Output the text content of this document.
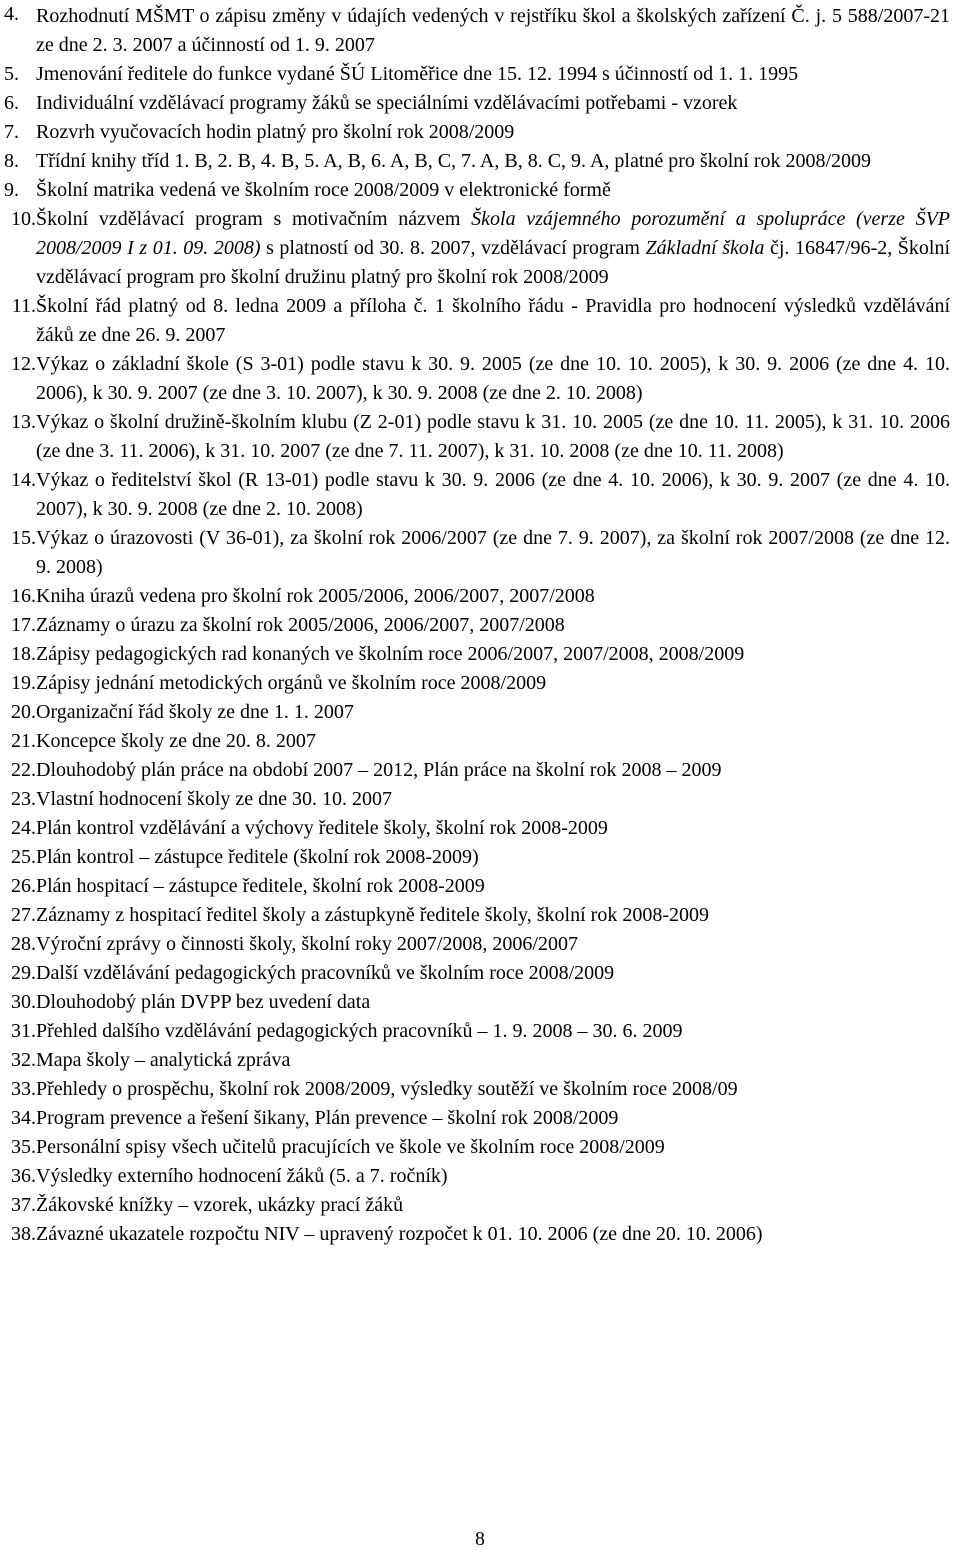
4. Rozhodnutí MŠMT o zápisu změny v údajích vedených v rejstříku škol a školských zařízení Č. j. 5 588/2007-21 ze dne 2. 3. 2007 a účinností od 1. 9. 2007
5. Jmenování ředitele do funkce vydané ŠÚ Litoměřice dne 15. 12. 1994 s účinností od 1. 1. 1995
6. Individuální vzdělávací programy žáků se speciálními vzdělávacími potřebami - vzorek
7. Rozvrh vyučovacích hodin platný pro školní rok 2008/2009
8. Třídní knihy tříd 1. B, 2. B, 4. B, 5. A, B, 6. A, B, C, 7. A, B, 8. C, 9. A, platné pro školní rok 2008/2009
9. Školní matrika vedená ve školním roce 2008/2009 v elektronické formě
10. Školní vzdělávací program s motivačním názvem Škola vzájemného porozumění a spolupráce (verze ŠVP 2008/2009 I z 01. 09. 2008) s platností od 30. 8. 2007, vzdělávací program Základní škola čj. 16847/96-2, Školní vzdělávací program pro školní družinu platný pro školní rok 2008/2009
11. Školní řád platný od 8. ledna 2009 a příloha č. 1 školního řádu - Pravidla pro hodnocení výsledků vzdělávání žáků ze dne 26. 9. 2007
12. Výkaz o základní škole (S 3-01) podle stavu k 30. 9. 2005 (ze dne 10. 10. 2005), k 30. 9. 2006 (ze dne 4. 10. 2006), k 30. 9. 2007 (ze dne 3. 10. 2007), k 30. 9. 2008 (ze dne 2. 10. 2008)
13. Výkaz o školní družině-školním klubu (Z 2-01) podle stavu k 31. 10. 2005 (ze dne 10. 11. 2005), k 31. 10. 2006 (ze dne 3. 11. 2006), k 31. 10. 2007 (ze dne 7. 11. 2007), k 31. 10. 2008 (ze dne 10. 11. 2008)
14. Výkaz o ředitelství škol (R 13-01) podle stavu k 30. 9. 2006 (ze dne 4. 10. 2006), k 30. 9. 2007 (ze dne 4. 10. 2007), k 30. 9. 2008 (ze dne 2. 10. 2008)
15. Výkaz o úrazovosti (V 36-01), za školní rok 2006/2007 (ze dne 7. 9. 2007), za školní rok 2007/2008 (ze dne 12. 9. 2008)
16. Kniha úrazů vedena pro školní rok 2005/2006, 2006/2007, 2007/2008
17. Záznamy o úrazu za školní rok 2005/2006, 2006/2007, 2007/2008
18. Zápisy pedagogických rad konaných ve školním roce 2006/2007, 2007/2008, 2008/2009
19. Zápisy jednání metodických orgánů ve školním roce 2008/2009
20. Organizační řád školy ze dne 1. 1. 2007
21. Koncepce školy ze dne 20. 8. 2007
22. Dlouhodobý plán práce na období 2007 – 2012, Plán práce na školní rok 2008 – 2009
23. Vlastní hodnocení školy ze dne 30. 10. 2007
24. Plán kontrol vzdělávání a výchovy ředitele školy, školní rok 2008-2009
25. Plán kontrol – zástupce ředitele (školní rok 2008-2009)
26. Plán hospitací – zástupce ředitele, školní rok 2008-2009
27. Záznamy z hospitací ředitel školy a zástupkyně ředitele školy, školní rok 2008-2009
28. Výroční zprávy o činnosti školy, školní roky 2007/2008, 2006/2007
29. Další vzdělávání pedagogických pracovníků ve školním roce 2008/2009
30. Dlouhodobý plán DVPP bez uvedení data
31. Přehled dalšího vzdělávání pedagogických pracovníků – 1. 9. 2008 – 30. 6. 2009
32. Mapa školy – analytická zpráva
33. Přehledy o prospěchu, školní rok 2008/2009, výsledky soutěží ve školním roce 2008/09
34. Program prevence a řešení šikany, Plán prevence – školní rok 2008/2009
35. Personální spisy všech učitelů pracujících ve škole ve školním roce 2008/2009
36. Výsledky externího hodnocení žáků (5. a 7. ročník)
37. Žákovské knížky – vzorek, ukázky prací žáků
38. Závazné ukazatele rozpočtu NIV – upravený rozpočet k 01. 10. 2006 (ze dne 20. 10. 2006)
8
